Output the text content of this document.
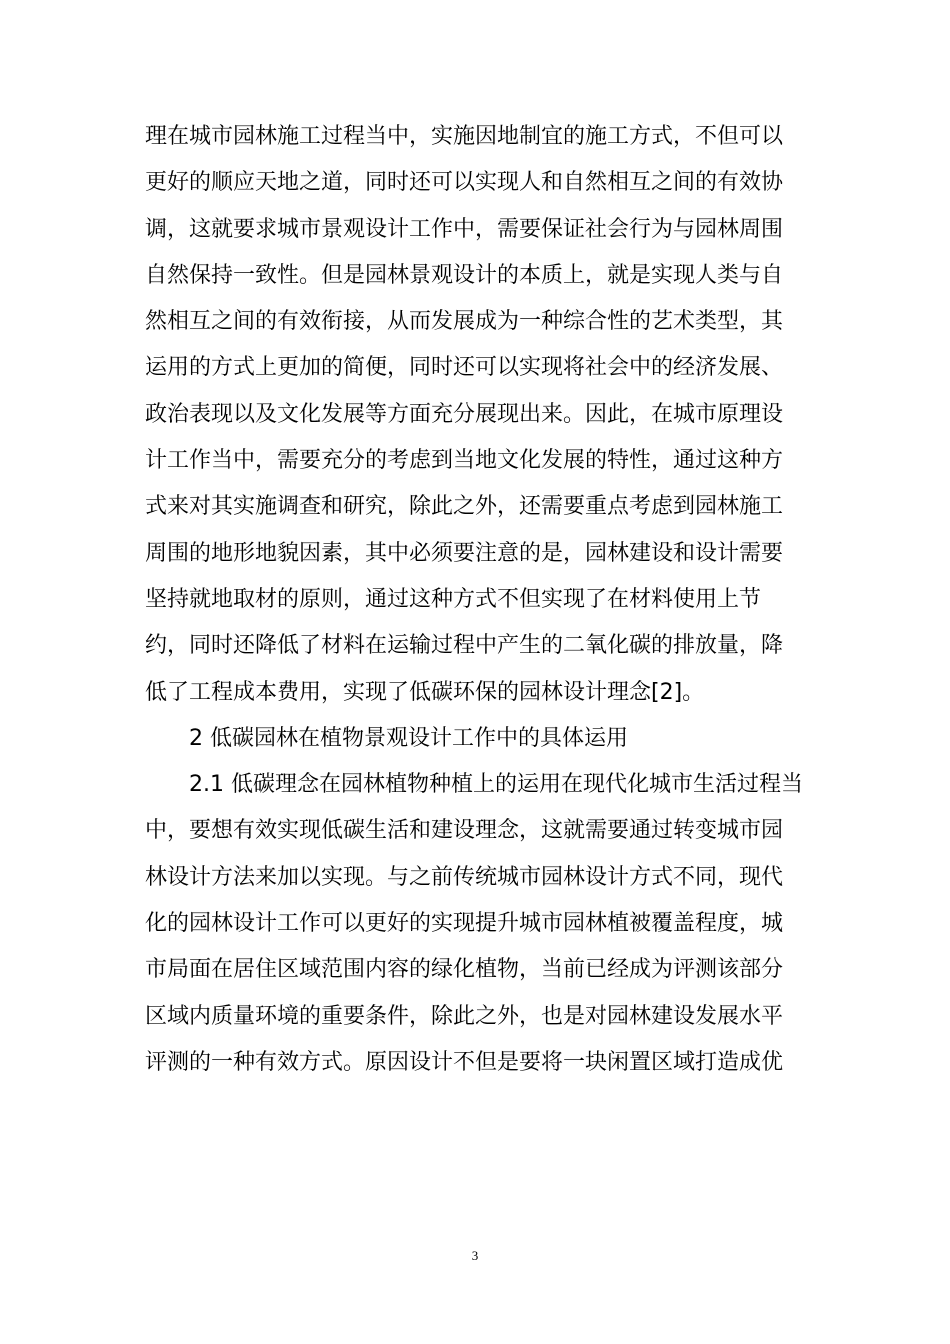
理在城市园林施工过程当中，实施因地制宜的施工方式，不但可以
更好的顺应天地之道，同时还可以实现人和自然相互之间的有效协
调，这就要求城市景观设计工作中，需要保证社会行为与园林周围
自然保持一致性。但是园林景观设计的本质上，就是实现人类与自
然相互之间的有效衔接，从而发展成为一种综合性的艺术类型，其
运用的方式上更加的简便，同时还可以实现将社会中的经济发展、
政治表现以及文化发展等方面充分展现出来。因此，在城市原理设
计工作当中，需要充分的考虑到当地文化发展的特性，通过这种方
式来对其实施调查和研究，除此之外，还需要重点考虑到园林施工
周围的地形地貌因素，其中必须要注意的是，园林建设和设计需要
坚持就地取材的原则，通过这种方式不但实现了在材料使用上节
约，同时还降低了材料在运输过程中产生的二氧化碳的排放量，降
低了工程成本费用，实现了低碳环保的园林设计理念[2]。
2 低碳园林在植物景观设计工作中的具体运用
2.1 低碳理念在园林植物种植上的运用在现代化城市生活过程当
中，要想有效实现低碳生活和建设理念，这就需要通过转变城市园
林设计方法来加以实现。与之前传统城市园林设计方式不同，现代
化的园林设计工作可以更好的实现提升城市园林植被覆盖程度，城
市局面在居住区域范围内容的绿化植物，当前已经成为评测该部分
区域内质量环境的重要条件，除此之外，也是对园林建设发展水平
评测的一种有效方式。原因设计不但是要将一块闲置区域打造成优
3
